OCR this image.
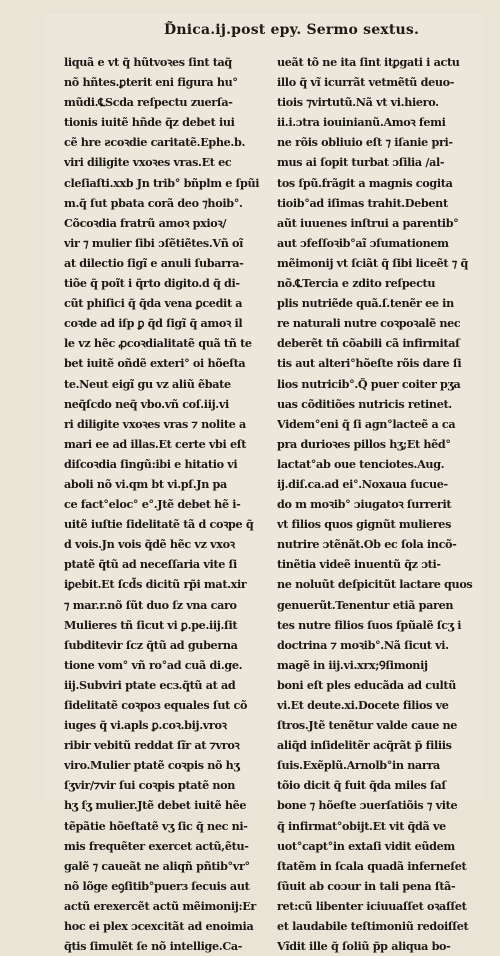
D̃nica.ij.post epy. Sermo sextus.
liquã e vt q̃ hũtvoꝛes ſint taq̃
nõ hñtes.ꝑterit eni figura hu°
mũdi.℄Scda reſpectu zuerſa-
tionis iuitẽ hñde q̃z debet iui
cẽ hre ƨcoꝛdie caritatẽ.Ephe.b.
viri diligite vxoꝛes vras.Et ec
cleſiaſti.xxb Jn trib° bñplm e ſpũi
m.q̃ ſut pbata corã deo ⁊hoib°.
Cõcoꝛdia fratrũ amoꝛ pxioꝛ/
vir ⁊ mulier ſibi ɔſẽtiẽtes.Vñ oĩ
at dilectio ſigĩ e anuli ſubarra-
tiõe q̃ poĩt i q̃rto digito.d q̃ di-
cũt phiſici q̃ q̃da vena ꝑcedit a
coꝛde ad iſp ꝑ q̃d ſigĩ q̃ amoꝛ il
le vz hẽc ꝓcoꝛdialitatẽ quã tñ te
bet iuitẽ oñdẽ exteri° oi hõeſta
te.Neut eigĩ gu vz aliũ ẽbate
neq̃ſcdo neq̃ vbo.vñ coſ.iij.vi
ri diligite vxoꝛes vras ⁊ nolite a
mari ee ad illas.Et certe vbi eſt
diſcoꝛdia ſingũ:ibi e hitatio vi
aboli nõ vi.qm bt vi.pſ.Jn pa
ce fact°eloc° e°.Jtẽ debet hẽ i-
uitẽ iuſtie ſidelitatẽ tã d coꝛpe q̃
d vois.Jn vois q̃dẽ hẽc vz vxoꝛ
ptatẽ q̃tũ ad neceſſaria vite ſi
iꝑebit.Et ſcd̃s dicitũ rp̃i mat.xir
⁊ mar.r.nõ ſũt duo ſz vna caro
Mulieres tñ ſicut vi ꝑ.pe.iij.ſit
ſubditevir ſcz q̃tũ ad guberna
tione vom° vñ ro°ad cuã di.ge.
iij.Subviri ptate ecɜ.q̃tũ at ad
ſidelitatẽ coꝛpoɜ equales ſut cõ
iuges q̃ vi.apls ꝑ.coꝛ.bij.vroꝛ
ribir vebitũ reddat ſĩr at ⁊vroꝛ
viro.Mulier ptatẽ coꝛpis nõ hʒ
ſʒvir/⁊vir ſui coꝛpis ptatẽ non
hʒ ſʒ mulier.Jtẽ debet iuitẽ hẽe
tẽpãtie hõeſtatẽ vʒ ſic q̃ nec ni-
mis frequẽter exercet actũ,ẽtu-
galẽ ⁊ caueãt ne aliqñ pñtib°vr°
nõ lõge eꝯſitib°puerɜ ſecuis aut
actũ erexercẽt actũ mẽimonij:Er
hoc ei plex ɔcexcitãt ad enoimia
q̃tis ſimulẽt ſe nõ intellige.Ca-
ueãt tõ ne ita ſint itꝑgati i actu
illo q̃ vĩ icurrãt vetmẽtũ deuo-
tiois ⁊virtutũ.Nã vt vi.hiero.
ii.i.ɔtra iouinianũ.Amoꝛ femi
ne rõis obliuio eſt ⁊ iſanie pri-
mus ai ſopit turbat ɔſilia /al-
tos ſpũ.frãgit a magnis cogita
tioib°ad iſimas trahit.Debent
aũt iuuenes inſtrui a parentib°
aut ɔfeſſoꝛib°aĩ ɔſumationem
mẽimonij vt ſciãt q̃ ſibi liceẽt ⁊ q̃
nõ.℄Tercia e zdito reſpectu
plis nutriẽde quã.ſ.tenẽr ee in
re naturali nutre coꝛpoꝛalẽ nec
deberẽt tñ cõabili cã infirmitaſ
tis aut alteri°hõeſte rõis dare ſi
lios nutricib°.Q̃ puer coiter pʒa
uas cõditiões nutricis retinet.
Videm°eni q̃ ſi agn°lacteẽ a ca
pra durioꝛes pillos hʒ;Et hẽd°
lactat°ab oue tenciotes.Aug.
ij.diſ.ca.ad ei°.Noxaua ſucue-
do m moꝛib° ɔiugatoꝛ ſurrerit
vt filios quos gignũt mulieres
nutrire ɔtẽnãt.Ob ec ſola incõ-
tinẽtia videẽ inuentũ q̃z ɔti-
ne noluũt deſpicitũt lactare quos
genuerũt.Tenentur etiã paren
tes nutre filios ſuos ſpũalẽ ſcʒ i
doctrina ⁊ moꝛib°.Nã ſicut vi.
magẽ in iij.vi.xrx;Ꝯſimonij
boni eſt ples educãda ad cultũ
vi.Et deute.xi.Docete filios ve
ſtros.Jtẽ tenẽtur valde caue ne
aliq̃d inſidelitẽr acq̃rãt p̃ filiis
ſuis.Exẽplũ.Arnolb°in narra
tõio dicit q̃ fuit q̃da miles ſaſ
bone ⁊ hõeſte ɔuerſatiõis ⁊ vite
q̃ infirmat°obijt.Et vit q̃dã ve
uot°capt°in extaſi vidit eũdem
ſtatẽm in ſcala quadã inferneſet
ſũuit ab coɔur in tali pena ſtã-
ret:cũ libenter iciuuaſſet oꝛaſſet
et laudabile teſtimoniũ redoiſſet
Vĩdit ille q̃ ſoliũ p̃p aliqua bo-
